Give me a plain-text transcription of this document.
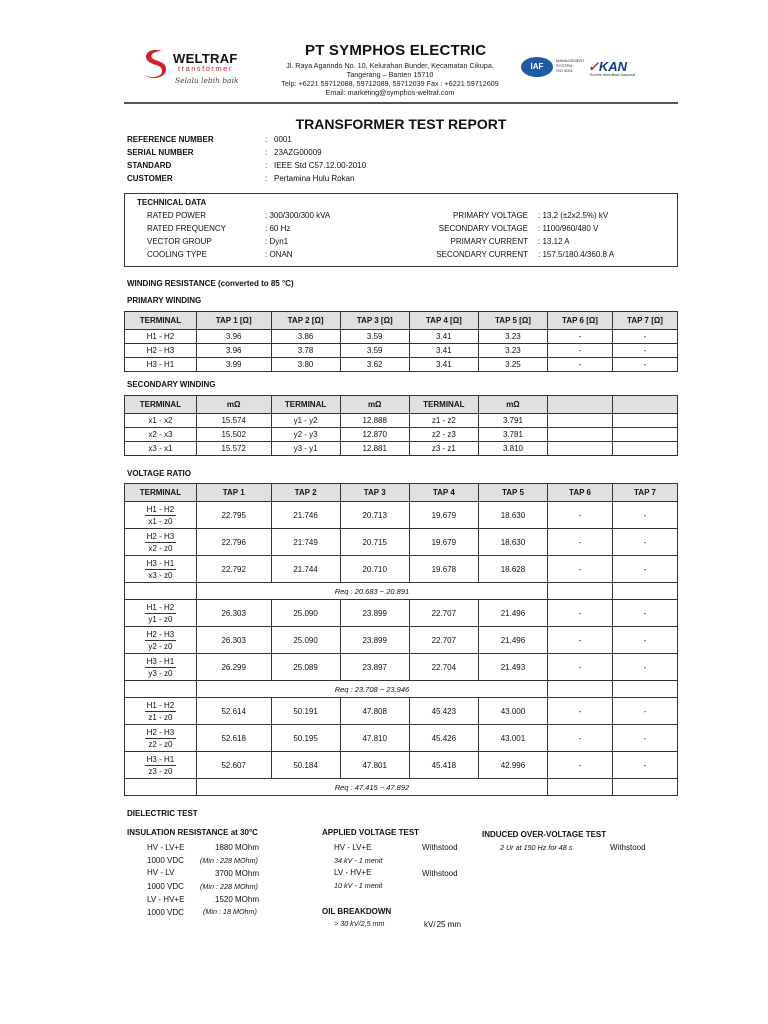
WELTRAF
transformer
Selalu lebih baik
PT SYMPHOS ELECTRIC
Jl. Raya Agarindo No. 10, Kelurahan Bunder, Kecamatan Cikupa,
Tangerang – Banten 15710
Telp: +6221 59712088, 59712089, 59712039 Fax : +6221 59712609
Email: marketing@symphos-weltraf.com
IAF
MANAGEMENT
SYSTEM
ISO 9001	✓KAN
Komite Akreditasi Nasional
TRANSFORMER TEST REPORT
REFERENCE NUMBER	: 0001
SERIAL NUMBER	: 23AZG00009
STANDARD	: IEEE Std C57.12.00-2010
CUSTOMER	: Pertamina Hulu Rokan
TECHNICAL DATA
RATED POWER	: 300/300/300 kVA
RATED FREQUENCY	: 60 Hz
VECTOR GROUP	: Dyn1
COOLING TYPE	: ONAN
PRIMARY VOLTAGE : 13.2 (±2x2.5%) kV
SECONDARY VOLTAGE : 1100/960/480 V
PRIMARY CURRENT : 13.12 A
SECONDARY CURRENT : 157.5/180.4/360.8 A
WINDING RESISTANCE (converted to 85 °C)
PRIMARY WINDING
TERMINAL	TAP 1 [Ω]	TAP 2 [Ω]	TAP 3 [Ω]	TAP 4 [Ω]	TAP 5 [Ω]	TAP 6 [Ω]	TAP 7 [Ω]
H1 - H2	3.96	3.86	3.59	3.41	3.23	-	-
H2 - H3	3.96	3.78	3.59	3.41	3.23	-	-
H3 - H1	3.99	3.80	3.62	3.41	3.25	-	-
SECONDARY WINDING
TERMINAL	mΩ	TERMINAL	mΩ	TERMINAL	mΩ		
x1 - x2	15.574	y1 - y2	12.888	z1 - z2	3.791		
x2 - x3	15.502	y2 - y3	12.870	z2 - z3	3.781		
x3 - x1	15.572	y3 - y1	12.881	z3 - z1	3.810		
VOLTAGE RATIO
TERMINAL	TAP 1	TAP 2	TAP 3	TAP 4	TAP 5	TAP 6	TAP 7

$\frac{H1 - H2}{x1 - z0}$	22.795	21.746	20.713	19.679	18.630	-	-

$\frac{H2 - H3}{x2 - z0}$	22.796	21.749	20.715	19.679	18.630	-	-

$\frac{H3 - H1}{x3 - z0}$	22.792	21.744	20.710	19.678	18.628	-	-
	Req : 20.683 ~ 20.891						

$\frac{H1 - H2}{y1 - z0}$	26.303	25.090	23.899	22.707	21.496	-	-

$\frac{H2 - H3}{y2 - z0}$	26.303	25.090	23.899	22.707	21.496	-	-

$\frac{H3 - H1}{y3 - z0}$	26.299	25.089	23.897	22.704	21.493	-	-
	Req : 23.708 ~ 23.946						

$\frac{H1 - H2}{z1 - z0}$	52.614	50.191	47.808	45.423	43.000	-	-

$\frac{H2 - H3}{z2 - z0}$	52.618	50.195	47.810	45.426	43.001	-	-

$\frac{H3 - H1}{z3 - z0}$	52.607	50.184	47.801	45.418	42.996	-	-
	Req : 47.415 ~ 47.892						
DIELECTRIC TEST
INSULATION RESISTANCE at 30°C
HV - LV+E	1880 MOhm
1000 VDC (Min : 228 MOhm)
HV - LV	3700 MOhm
1000 VDC (Min : 228 MOhm)
LV - HV+E	1520 MOhm
1000 VDC	(Min : 18 MOhm)
APPLIED VOLTAGE TEST
HV - LV+E	Withstood
34 kV - 1 menit
LV - HV+E	Withstood
10 kV - 1 menit
OIL BREAKDOWN
> 30 kV/2,5 mm	kV/25 mm
INDUCED OVER-VOLTAGE TEST
2 Ur at 150 Hz for 48 s	Withstood
